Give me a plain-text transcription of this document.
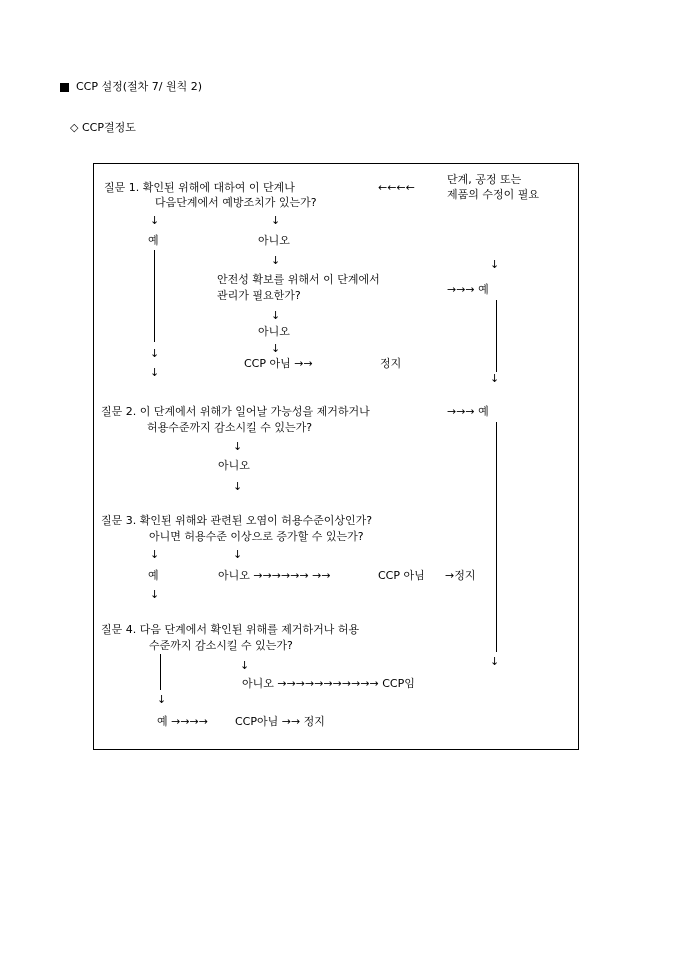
CCP 설정(절차 7/ 원칙 2)
◇ CCP결정도
질문 1. 확인된 위해에 대하여 이 단계나
다음단계에서 예방조치가 있는가?
←←←←
단계, 공정 또는
제품의 수정이 필요
↓	↓
예	아니오
↓	↓
안전성 확보를 위해서 이 단계에서
관리가 필요한가?	→→→ 예
↓
아니오
↓
↓
CCP 아님 →→	정지
↓	↓
질문 2. 이 단계에서 위해가 일어날 가능성을 제거하거나
허용수준까지 감소시킬 수 있는가?
→→→ 예
↓
아니오
↓
질문 3. 확인된 위해와 관련된 오염이 허용수준이상인가?
아니면 허용수준 이상으로 증가할 수 있는가?
↓	↓
예	아니오 →→→→→→ →→	CCP 아님 →정지
↓
질문 4. 다음 단계에서 확인된 위해를 제거하거나 허용
수준까지 감소시킬 수 있는가?
↓
↓
아니오 →→→→→→→→→→→ CCP임
↓
예 →→→→ CCP아님 →→ 정지
